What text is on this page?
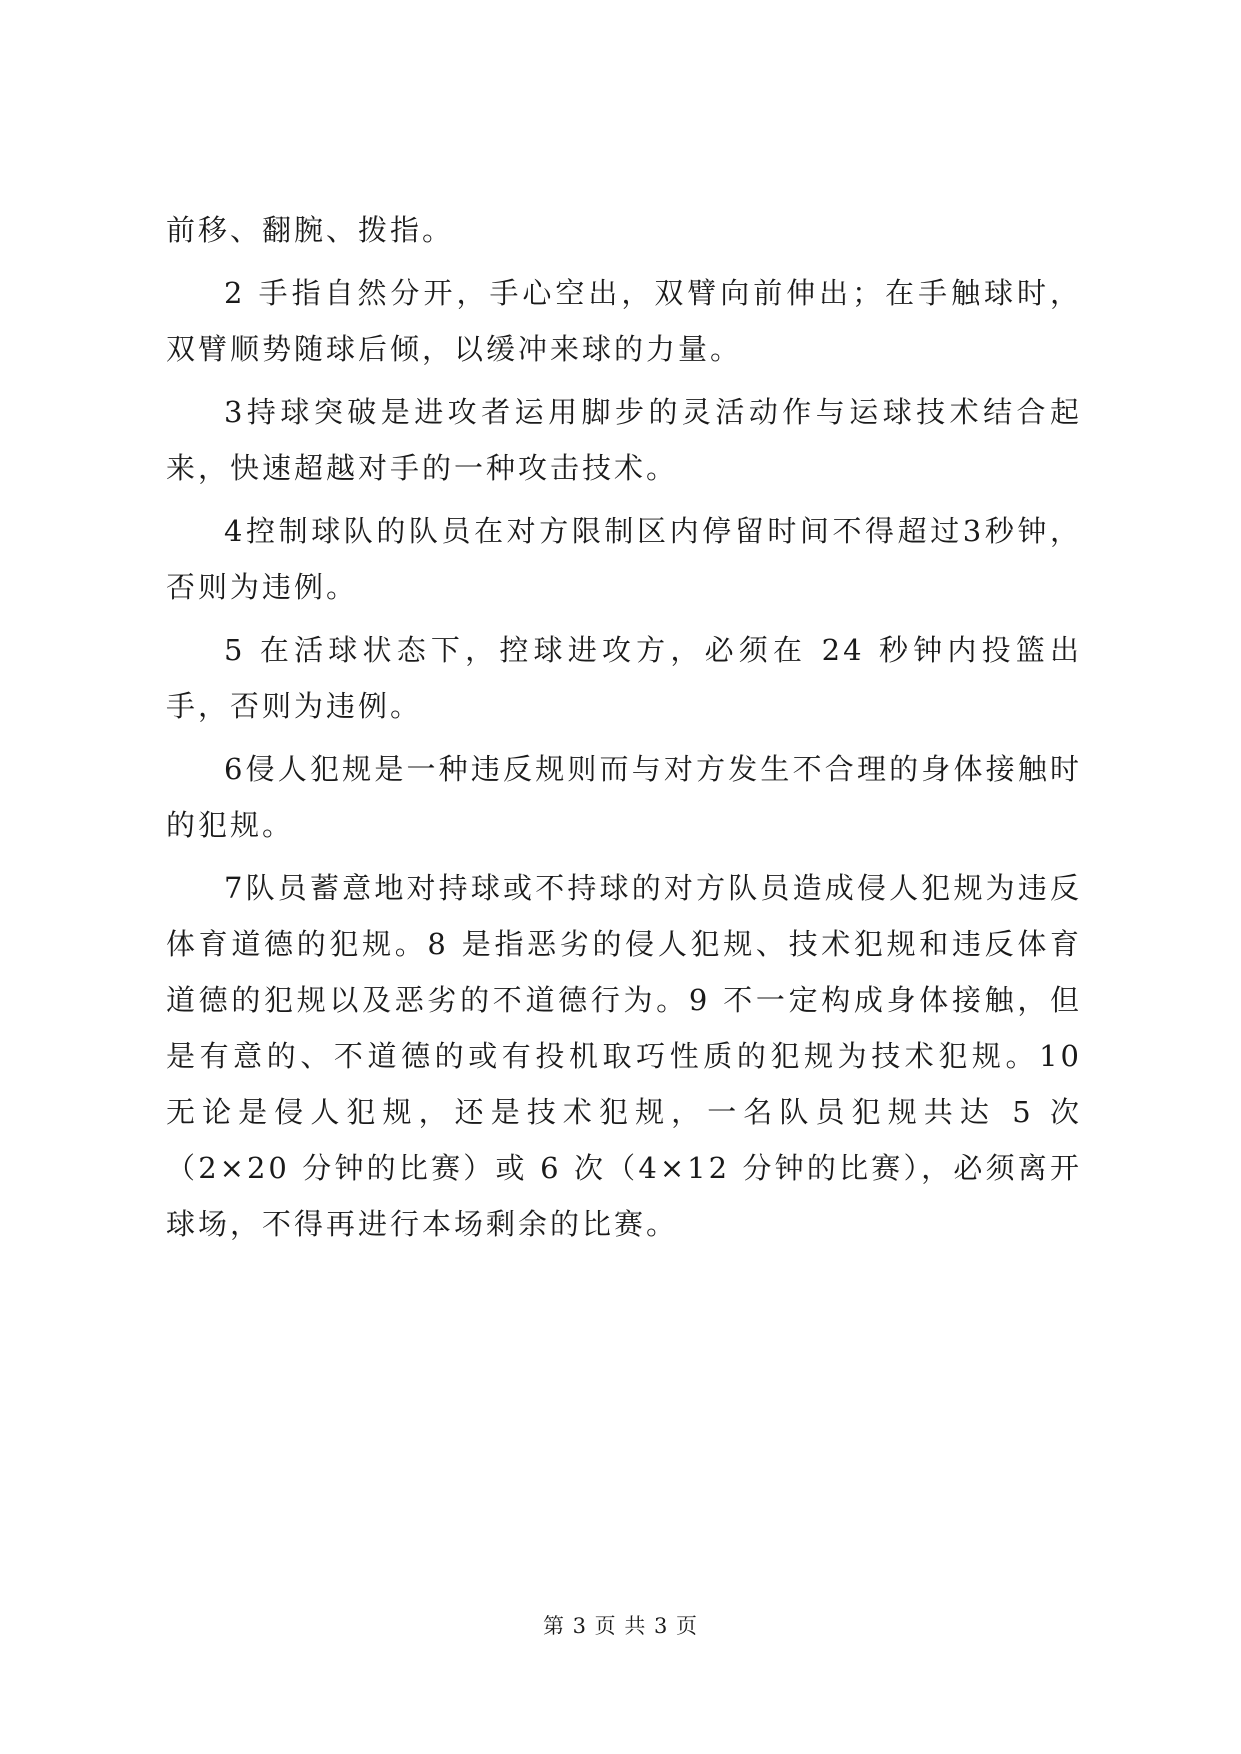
前移、翻腕、拨指。

2 手指自然分开，手心空出，双臂向前伸出；在手触球时，双臂顺势随球后倾，以缓冲来球的力量。

3持球突破是进攻者运用脚步的灵活动作与运球技术结合起来，快速超越对手的一种攻击技术。

4控制球队的队员在对方限制区内停留时间不得超过3秒钟，否则为违例。

5 在活球状态下，控球进攻方，必须在 24 秒钟内投篮出手，否则为违例。

6侵人犯规是一种违反规则而与对方发生不合理的身体接触时的犯规。

7队员蓄意地对持球或不持球的对方队员造成侵人犯规为违反体育道德的犯规。8 是指恶劣的侵人犯规、技术犯规和违反体育道德的犯规以及恶劣的不道德行为。9 不一定构成身体接触，但是有意的、不道德的或有投机取巧性质的犯规为技术犯规。10 无论是侵人犯规，还是技术犯规，一名队员犯规共达 5 次（2×20 分钟的比赛）或 6 次（4×12 分钟的比赛），必须离开球场，不得再进行本场剩余的比赛。

第 3 页 共 3 页
